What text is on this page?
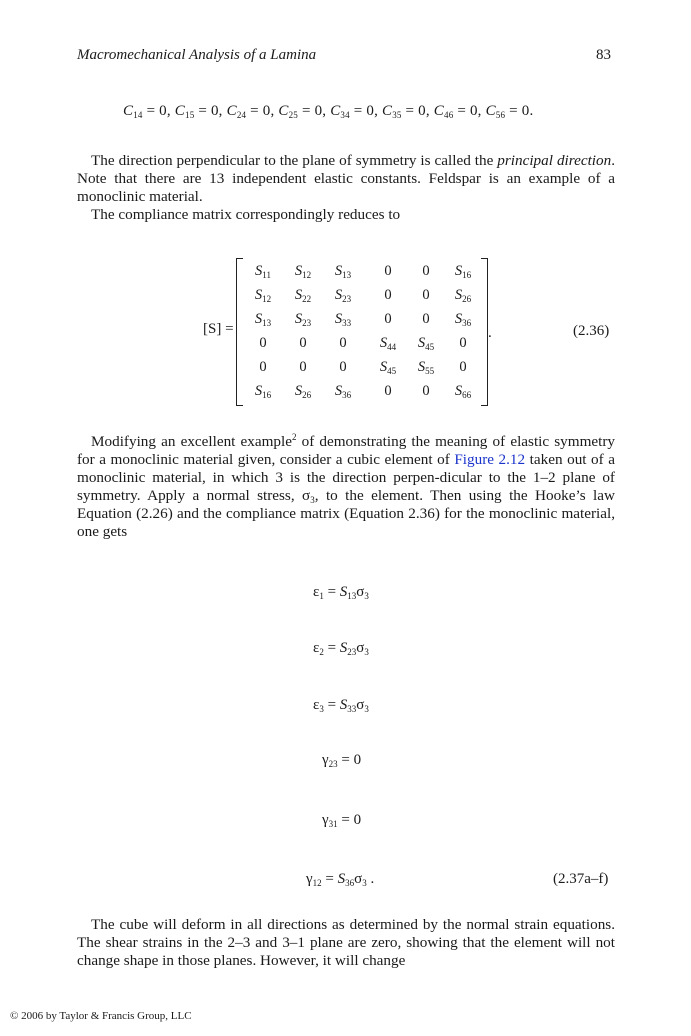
Macromechanical Analysis of a Lamina	83
$C_{14} = 0$, $C_{15} = 0$, $C_{24} = 0$, $C_{25} = 0$, $C_{34} = 0$, $C_{35} = 0$, $C_{46} = 0$, $C_{56} = 0$.

The direction perpendicular to the plane of symmetry is called the principal direction. Note that there are 13 independent elastic constants. Feldspar is an example of a monoclinic material.

The compliance matrix correspondingly reduces to

[S] =
$S_{11}$	$S_{12}$	$S_{13}$	0	0	$S_{16}$
$S_{12}$	$S_{22}$	$S_{23}$	0	0	$S_{26}$
$S_{13}$	$S_{23}$	$S_{33}$	0	0	$S_{36}$
0	0	0	$S_{44}$	$S_{45}$	0
0	0	0	$S_{45}$	$S_{55}$	0
$S_{16}$	$S_{26}$	$S_{36}$	0	0	$S_{66}$
.	(2.36)

Modifying an excellent example$^2$ of demonstrating the meaning of elastic symmetry for a monoclinic material given, consider a cubic element of Figure 2.12 taken out of a monoclinic material, in which 3 is the direction perpen-dicular to the 1–2 plane of symmetry. Apply a normal stress, $\sigma_3$, to the element. Then using the Hooke’s law Equation (2.26) and the compliance matrix (Equation 2.36) for the monoclinic material, one gets

$\varepsilon_1 = S_{13}\sigma_3$
$\varepsilon_2 = S_{23}\sigma_3$
$\varepsilon_3 = S_{33}\sigma_3$
$\gamma_{23} = 0$
$\gamma_{31} = 0$
$\gamma_{12} = S_{36}\sigma_3$ .	(2.37a–f)

The cube will deform in all directions as determined by the normal strain equations. The shear strains in the 2–3 and 3–1 plane are zero, showing that the element will not change shape in those planes. However, it will change

© 2006 by Taylor & Francis Group, LLC
